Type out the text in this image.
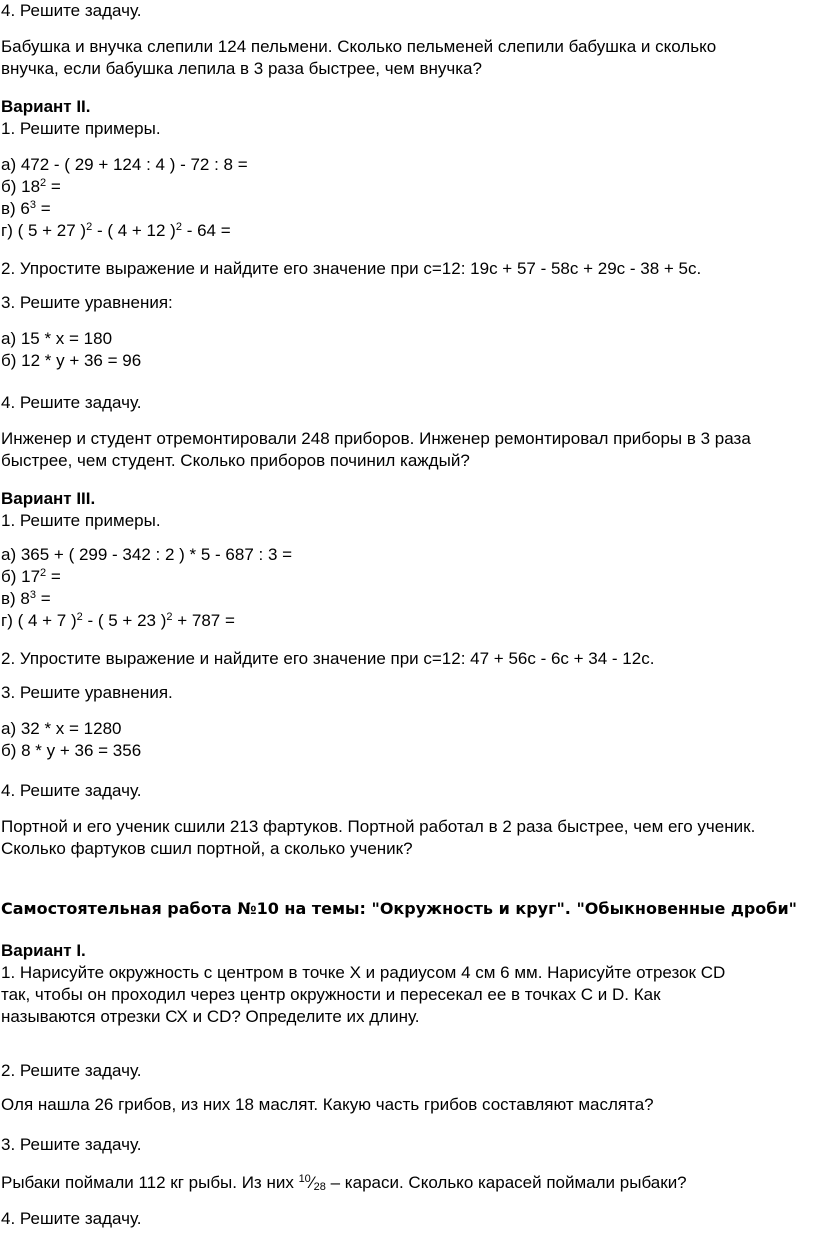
4. Решите задачу.
Бабушка и внучка слепили 124 пельмени. Сколько пельменей слепили бабушка и сколько
внучка, если бабушка лепила в 3 раза быстрее, чем внучка?
Вариант II.
1. Решите примеры.
а) 472 - ( 29 + 124 : 4 ) - 72 : 8 =
б) $18^2$ =
в) $6^3$ =
г) ( 5 + 27 )$^2$ - ( 4 + 12 )$^2$ - 64 =
2. Упростите выражение и найдите его значение при с=12: 19с + 57 - 58с + 29с - 38 + 5с.
3. Решите уравнения:
а) 15 * х = 180
б) 12 * у + 36 = 96
4. Решите задачу.
Инженер и студент отремонтировали 248 приборов. Инженер ремонтировал приборы в 3 раза
быстрее, чем студент. Сколько приборов починил каждый?
Вариант III.
1. Решите примеры.
а) 365 + ( 299 - 342 : 2 ) * 5 - 687 : 3 =
б) $17^2$ =
в) $8^3$ =
г) ( 4 + 7 )$^2$ - ( 5 + 23 )$^2$ + 787 =
2. Упростите выражение и найдите его значение при с=12: 47 + 56с - 6с + 34 - 12с.
3. Решите уравнения.
а) 32 * х = 1280
б) 8 * у + 36 = 356
4. Решите задачу.
Портной и его ученик сшили 213 фартуков. Портной работал в 2 раза быстрее, чем его ученик.
Сколько фартуков сшил портной, а сколько ученик?
Самостоятельная работа №10 на темы: "Окружность и круг". "Обыкновенные дроби"
Вариант I.
1. Нарисуйте окружность с центром в точке Х и радиусом 4 см 6 мм. Нарисуйте отрезок CD
так, чтобы он проходил через центр окружности и пересекал ее в точках С и D. Как
называются отрезки СХ и CD? Определите их длину.
2. Решите задачу.
Оля нашла 26 грибов, из них 18 маслят. Какую часть грибов составляют маслята?
3. Решите задачу.
Рыбаки поймали 112 кг рыбы. Из них $^{10}$⁄28 – караси. Сколько карасей поймали рыбаки?
4. Решите задачу.
